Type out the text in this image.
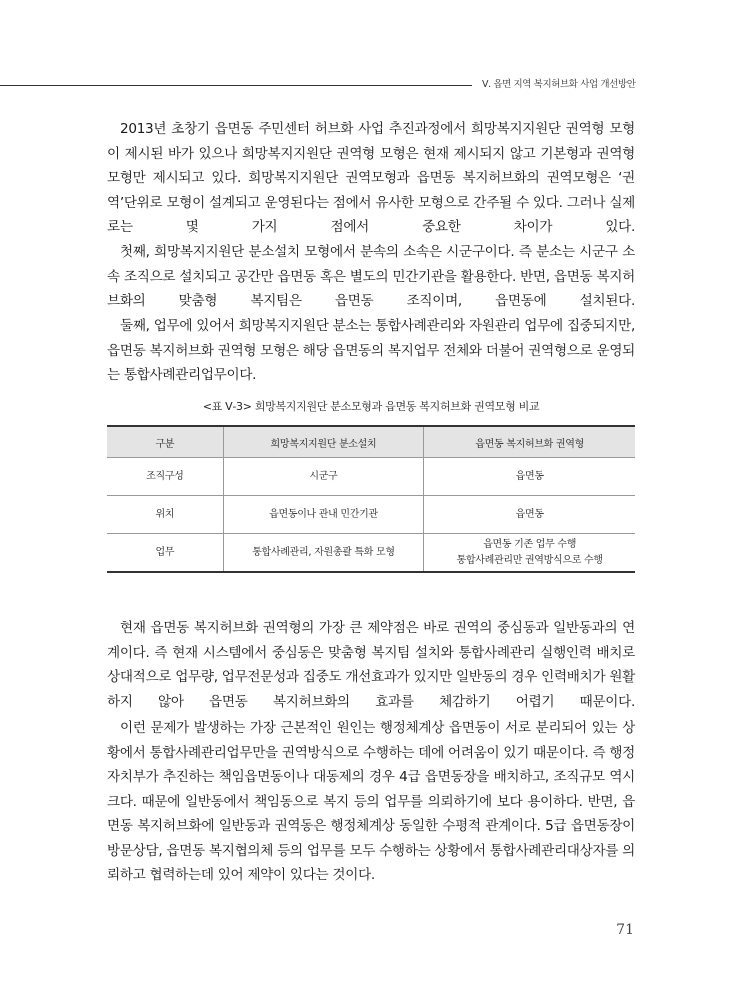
Ⅴ. 읍면 지역 복지허브화 사업 개선방안

2013년 초창기 읍면동 주민센터 허브화 사업 추진과정에서 희망복지지원단 권역형 모형이 제시된 바가 있으나 희망복지지원단 권역형 모형은 현재 제시되지 않고 기본형과 권역형 모형만 제시되고 있다. 희망복지지원단 권역모형과 읍면동 복지허브화의 권역모형은 ‘권역’단위로 모형이 설계되고 운영된다는 점에서 유사한 모형으로 간주될 수 있다. 그러나 실제로는 몇 가지 점에서 중요한 차이가 있다.

첫째, 희망복지지원단 분소설치 모형에서 분속의 소속은 시군구이다. 즉 분소는 시군구 소속 조직으로 설치되고 공간만 읍면동 혹은 별도의 민간기관을 활용한다. 반면, 읍면동 복지허브화의 맞춤형 복지팀은 읍면동 조직이며, 읍면동에 설치된다.

둘째, 업무에 있어서 희망복지지원단 분소는 통합사례관리와 자원관리 업무에 집중되지만, 읍면동 복지허브화 권역형 모형은 해당 읍면동의 복지업무 전체와 더불어 권역형으로 운영되는 통합사례관리업무이다.

<표 Ⅴ-3> 희망복지지원단 분소모형과 읍면동 복지허브화 권역모형 비교
구분	희망복지지원단 분소설치	읍면동 복지허브화 권역형
조직구성	시군구	읍면동
위치	읍면동이나 관내 민간기관	읍면동
업무	통합사례관리, 자원총괄 특화 모형	읍면동 기존 업무 수행
통합사례관리만 권역방식으로 수행

현재 읍면동 복지허브화 권역형의 가장 큰 제약점은 바로 권역의 중심동과 일반동과의 연계이다. 즉 현재 시스템에서 중심동은 맞춤형 복지팀 설치와 통합사례관리 실행인력 배치로 상대적으로 업무량, 업무전문성과 집중도 개선효과가 있지만 일반동의 경우 인력배치가 원활하지 않아 읍면동 복지허브화의 효과를 체감하기 어렵기 때문이다.

이런 문제가 발생하는 가장 근본적인 원인는 행정체계상 읍면동이 서로 분리되어 있는 상황에서 통합사례관리업무만을 권역방식으로 수행하는 데에 어려움이 있기 때문이다. 즉 행정자치부가 추진하는 책임읍면동이나 대동제의 경우 4급 읍면동장을 배치하고, 조직규모 역시 크다. 때문에 일반동에서 책임동으로 복지 등의 업무를 의뢰하기에 보다 용이하다. 반면, 읍면동 복지허브화에 일반동과 권역동은 행정체계상 동일한 수평적 관계이다. 5급 읍면동장이 방문상담, 읍면동 복지협의체 등의 업무를 모두 수행하는 상황에서 통합사례관리대상자를 의뢰하고 협력하는데 있어 제약이 있다는 것이다.

71
